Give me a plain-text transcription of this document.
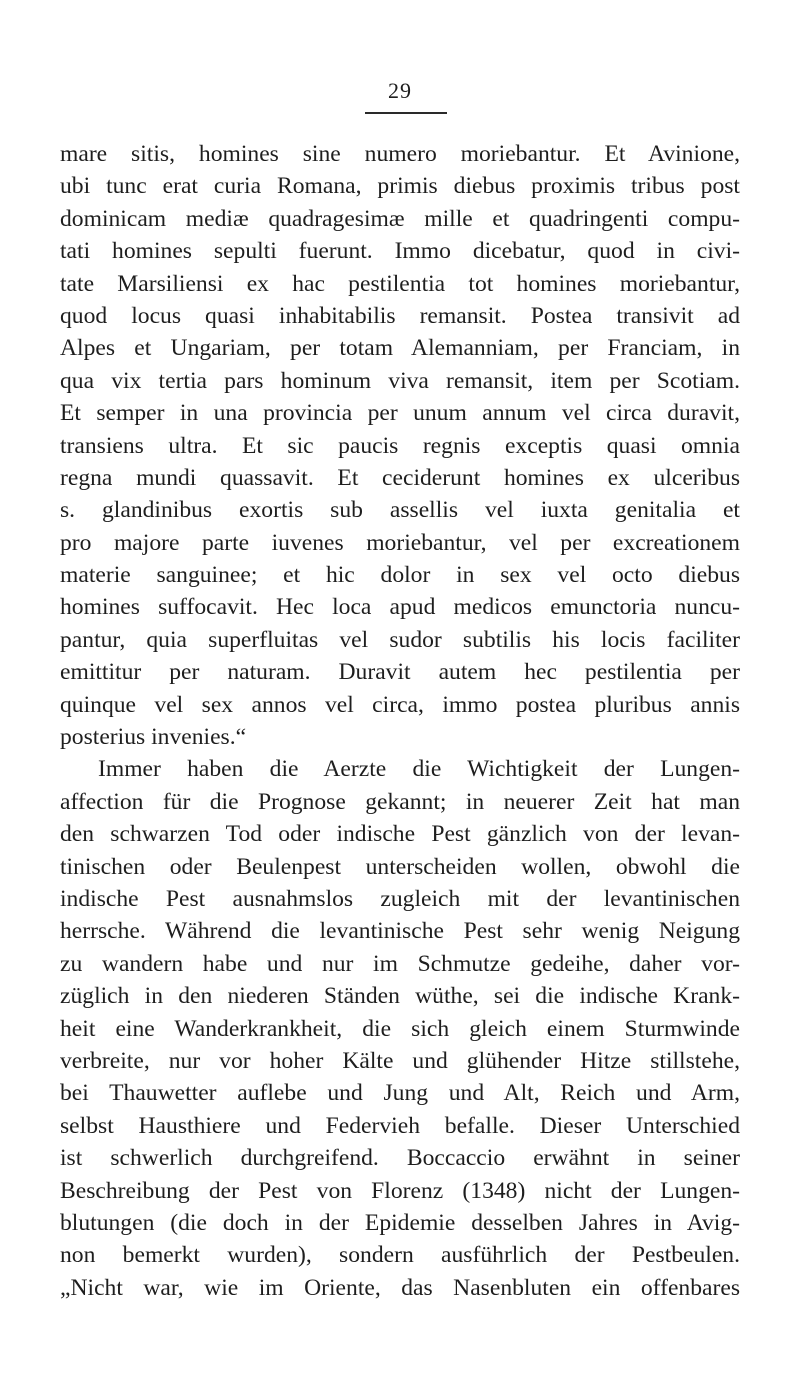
29
mare sitis, homines sine numero moriebantur. Et Avinione,
ubi tunc erat curia Romana, primis diebus proximis tribus post
dominicam mediæ quadragesimæ mille et quadringenti compu-
tati homines sepulti fuerunt. Immo dicebatur, quod in civi-
tate Marsiliensi ex hac pestilentia tot homines moriebantur,
quod locus quasi inhabitabilis remansit. Postea transivit ad
Alpes et Ungariam, per totam Alemanniam, per Franciam, in
qua vix tertia pars hominum viva remansit, item per Scotiam.
Et semper in una provincia per unum annum vel circa duravit,
transiens ultra. Et sic paucis regnis exceptis quasi omnia
regna mundi quassavit. Et ceciderunt homines ex ulceribus
s. glandinibus exortis sub assellis vel iuxta genitalia et
pro majore parte iuvenes moriebantur, vel per excreationem
materie sanguinee; et hic dolor in sex vel octo diebus
homines suffocavit. Hec loca apud medicos emunctoria nuncu-
pantur, quia superfluitas vel sudor subtilis his locis faciliter
emittitur per naturam. Duravit autem hec pestilentia per
quinque vel sex annos vel circa, immo postea pluribus annis
posterius invenies.“
Immer haben die Aerzte die Wichtigkeit der Lungen-
affection für die Prognose gekannt; in neuerer Zeit hat man
den schwarzen Tod oder indische Pest gänzlich von der levan-
tinischen oder Beulenpest unterscheiden wollen, obwohl die
indische Pest ausnahmslos zugleich mit der levantinischen
herrsche. Während die levantinische Pest sehr wenig Neigung
zu wandern habe und nur im Schmutze gedeihe, daher vor-
züglich in den niederen Ständen wüthe, sei die indische Krank-
heit eine Wanderkrankheit, die sich gleich einem Sturmwinde
verbreite, nur vor hoher Kälte und glühender Hitze stillstehe,
bei Thauwetter auflebe und Jung und Alt, Reich und Arm,
selbst Hausthiere und Federvieh befalle. Dieser Unterschied
ist schwerlich durchgreifend. Boccaccio erwähnt in seiner
Beschreibung der Pest von Florenz (1348) nicht der Lungen-
blutungen (die doch in der Epidemie desselben Jahres in Avig-
non bemerkt wurden), sondern ausführlich der Pestbeulen.
„Nicht war, wie im Oriente, das Nasenbluten ein offenbares
